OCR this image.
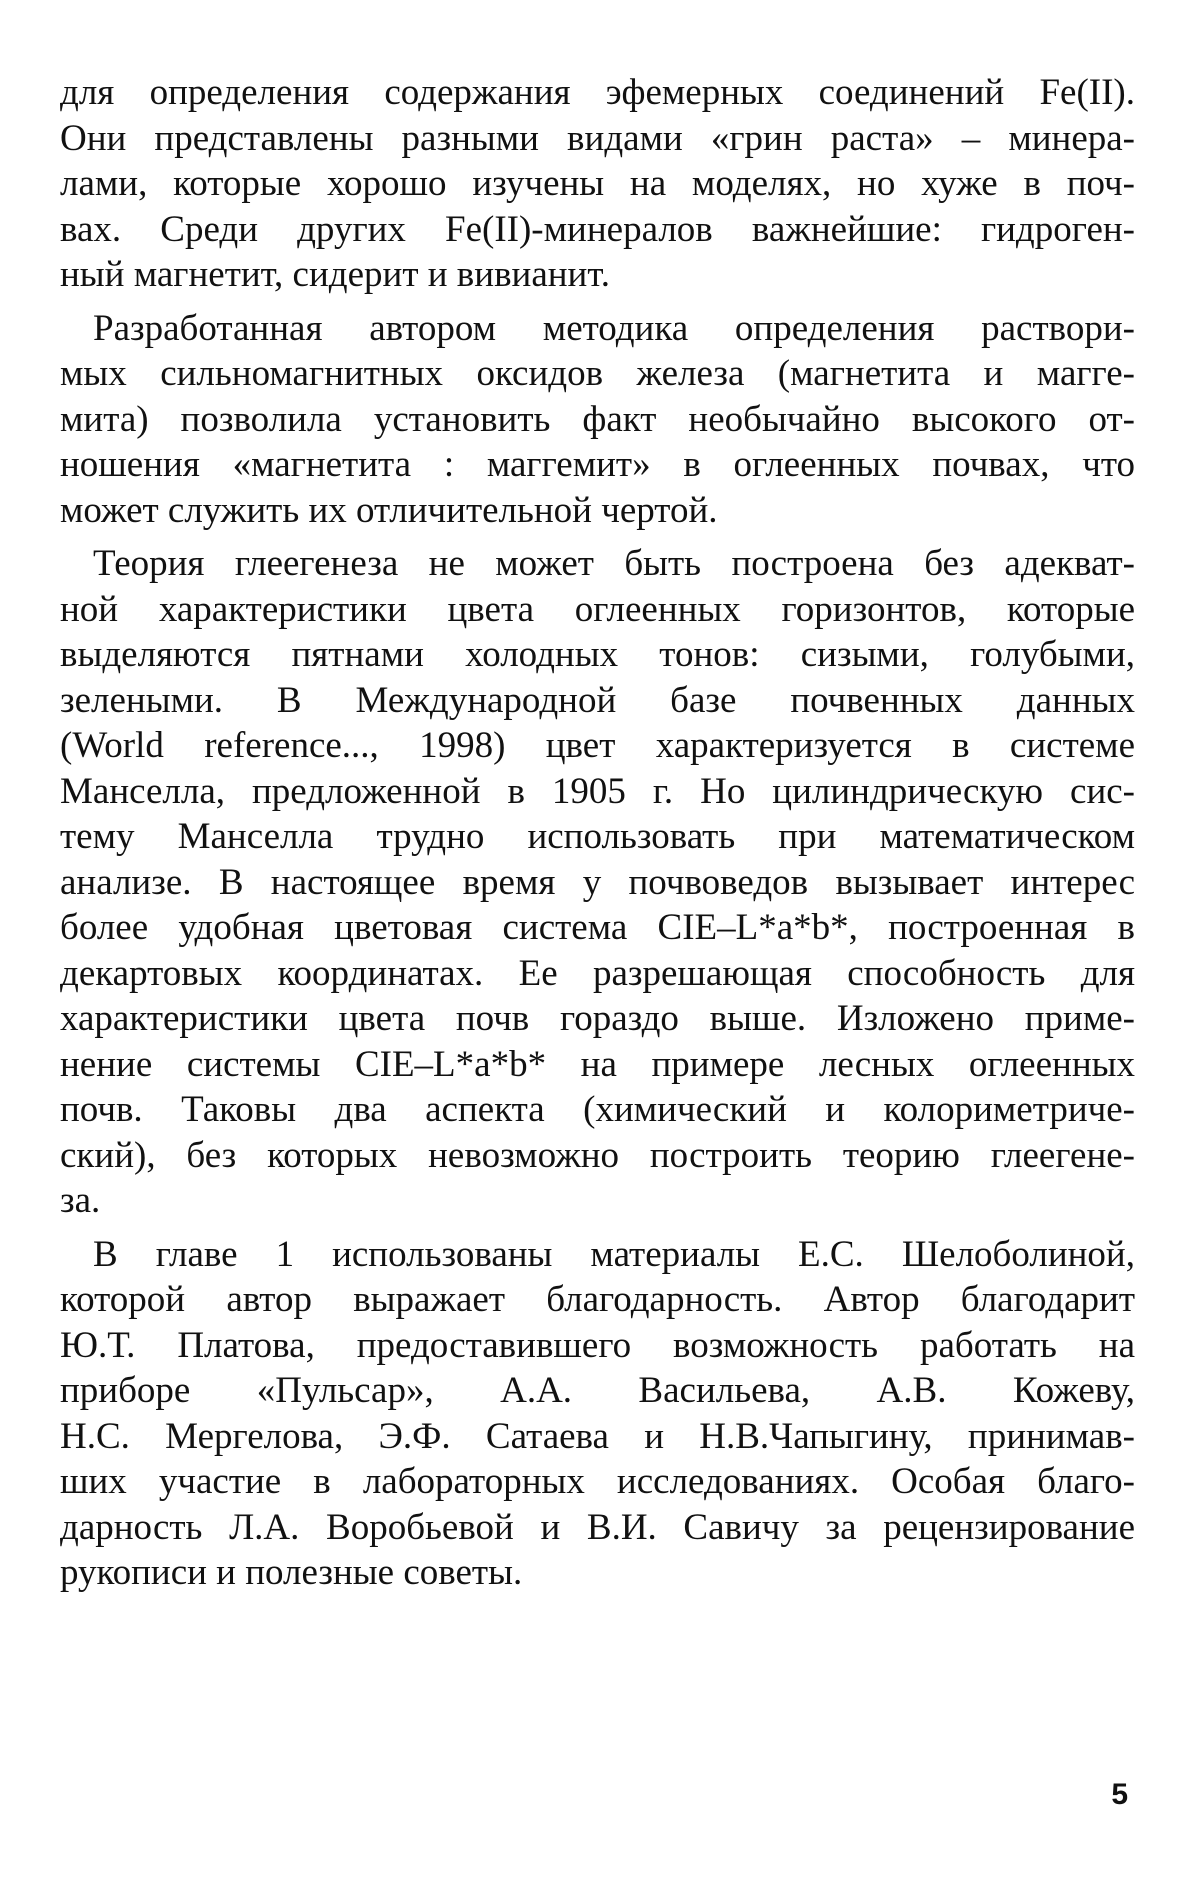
для определения содержания эфемерных соединений Fe(II).
Они представлены разными видами «грин раста» – минера-
лами, которые хорошо изучены на моделях, но хуже в поч-
вах. Среди других Fe(II)-минералов важнейшие: гидроген-
ный магнетит, сидерит и вивианит.
Разработанная автором методика определения раствори-
мых сильномагнитных оксидов железа (магнетита и магге-
мита) позволила установить факт необычайно высокого от-
ношения «магнетита : маггемит» в оглеенных почвах, что
может служить их отличительной чертой.
Теория глеегенеза не может быть построена без адекват-
ной характеристики цвета оглеенных горизонтов, которые
выделяются пятнами холодных тонов: сизыми, голубыми,
зелеными. В Международной базе почвенных данных
(World reference..., 1998) цвет характеризуется в системе
Манселла, предложенной в 1905 г. Но цилиндрическую сис-
тему Манселла трудно использовать при математическом
анализе. В настоящее время у почвоведов вызывает интерес
более удобная цветовая система CIE–L*a*b*, построенная в
декартовых координатах. Ее разрешающая способность для
характеристики цвета почв гораздо выше. Изложено приме-
нение системы CIE–L*a*b* на примере лесных оглеенных
почв. Таковы два аспекта (химический и колориметриче-
ский), без которых невозможно построить теорию глеегене-
за.
В главе 1 использованы материалы Е.С. Шелоболиной,
которой автор выражает благодарность. Автор благодарит
Ю.Т. Платова, предоставившего возможность работать на
приборе «Пульсар», А.А. Васильева, А.В. Кожеву,
Н.С. Мергелова, Э.Ф. Сатаева и Н.В.Чапыгину, принимав-
ших участие в лабораторных исследованиях. Особая благо-
дарность Л.А. Воробьевой и В.И. Савичу за рецензирование
рукописи и полезные советы.
5
